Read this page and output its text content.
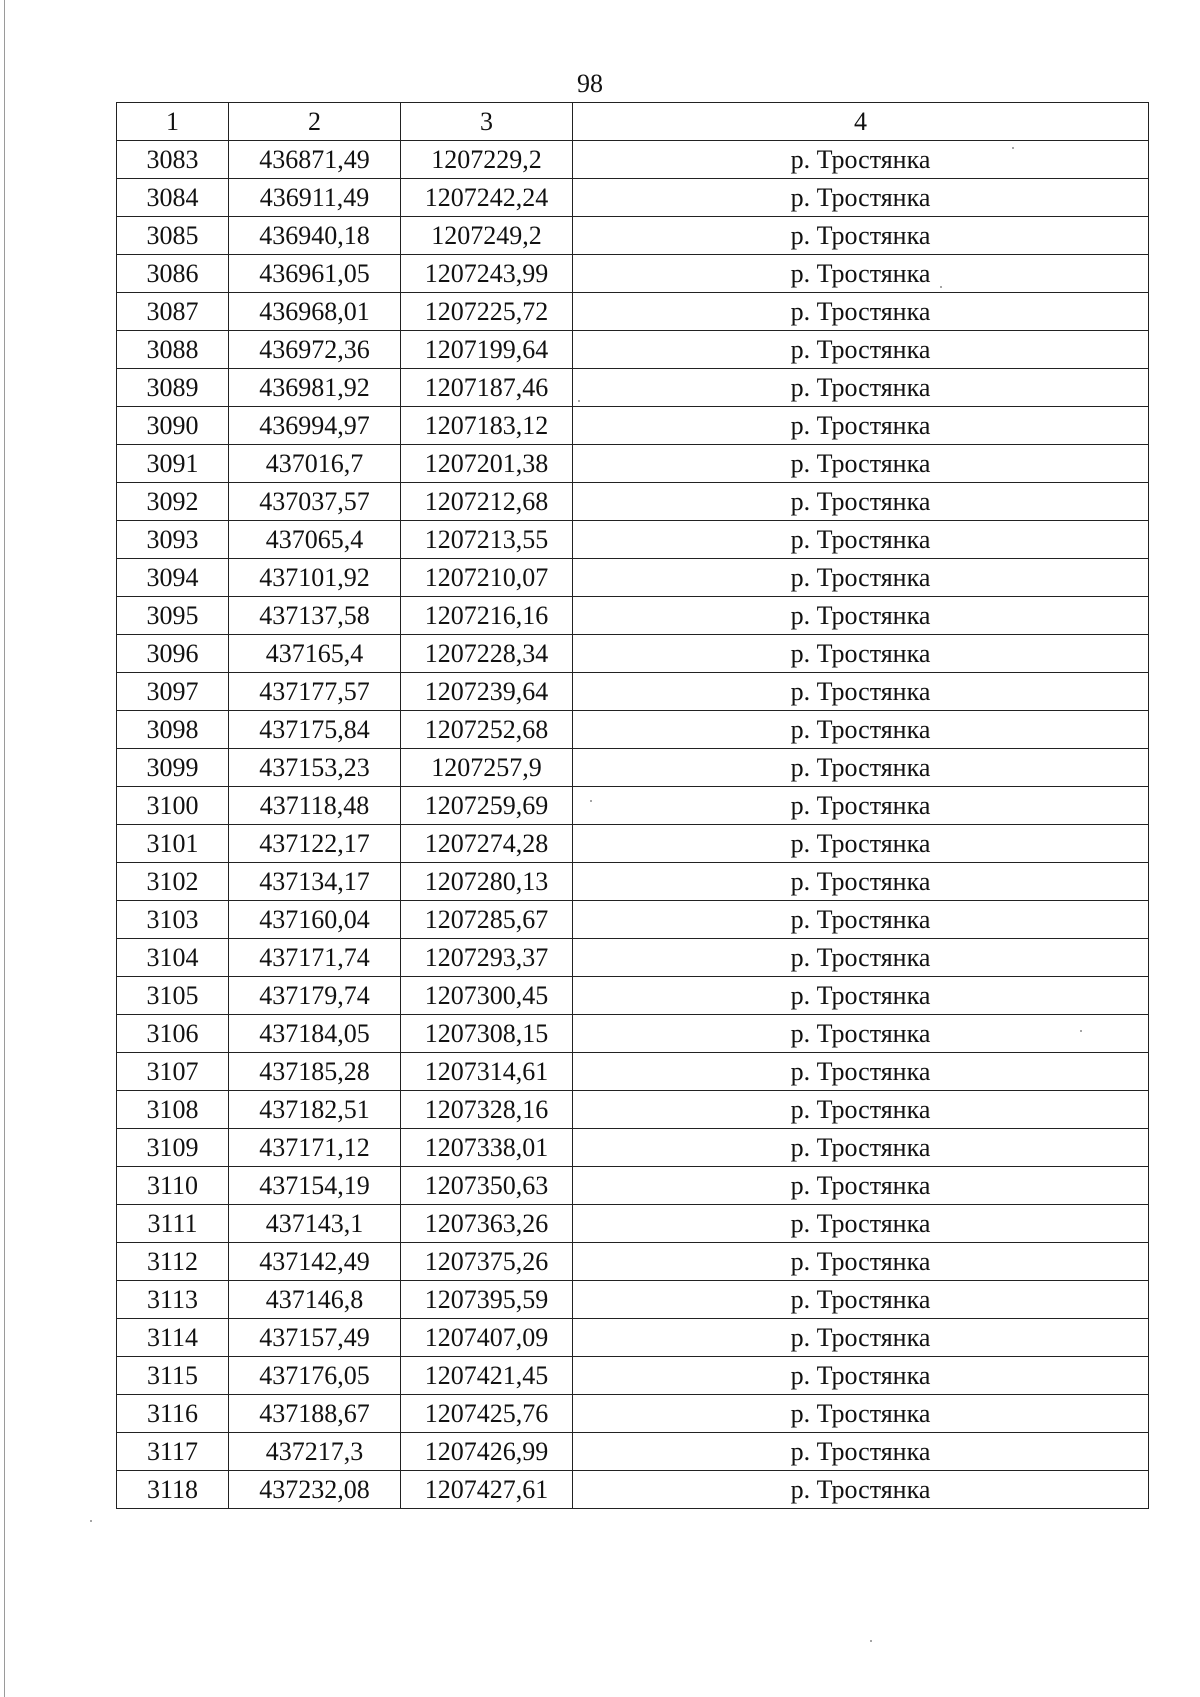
98
1	2	3	4
3083	436871,49	1207229,2	р. Тростянка
3084	436911,49	1207242,24	р. Тростянка
3085	436940,18	1207249,2	р. Тростянка
3086	436961,05	1207243,99	р. Тростянка
3087	436968,01	1207225,72	р. Тростянка
3088	436972,36	1207199,64	р. Тростянка
3089	436981,92	1207187,46	р. Тростянка
3090	436994,97	1207183,12	р. Тростянка
3091	437016,7	1207201,38	р. Тростянка
3092	437037,57	1207212,68	р. Тростянка
3093	437065,4	1207213,55	р. Тростянка
3094	437101,92	1207210,07	р. Тростянка
3095	437137,58	1207216,16	р. Тростянка
3096	437165,4	1207228,34	р. Тростянка
3097	437177,57	1207239,64	р. Тростянка
3098	437175,84	1207252,68	р. Тростянка
3099	437153,23	1207257,9	р. Тростянка
3100	437118,48	1207259,69	р. Тростянка
3101	437122,17	1207274,28	р. Тростянка
3102	437134,17	1207280,13	р. Тростянка
3103	437160,04	1207285,67	р. Тростянка
3104	437171,74	1207293,37	р. Тростянка
3105	437179,74	1207300,45	р. Тростянка
3106	437184,05	1207308,15	р. Тростянка
3107	437185,28	1207314,61	р. Тростянка
3108	437182,51	1207328,16	р. Тростянка
3109	437171,12	1207338,01	р. Тростянка
3110	437154,19	1207350,63	р. Тростянка
3111	437143,1	1207363,26	р. Тростянка
3112	437142,49	1207375,26	р. Тростянка
3113	437146,8	1207395,59	р. Тростянка
3114	437157,49	1207407,09	р. Тростянка
3115	437176,05	1207421,45	р. Тростянка
3116	437188,67	1207425,76	р. Тростянка
3117	437217,3	1207426,99	р. Тростянка
3118	437232,08	1207427,61	р. Тростянка
